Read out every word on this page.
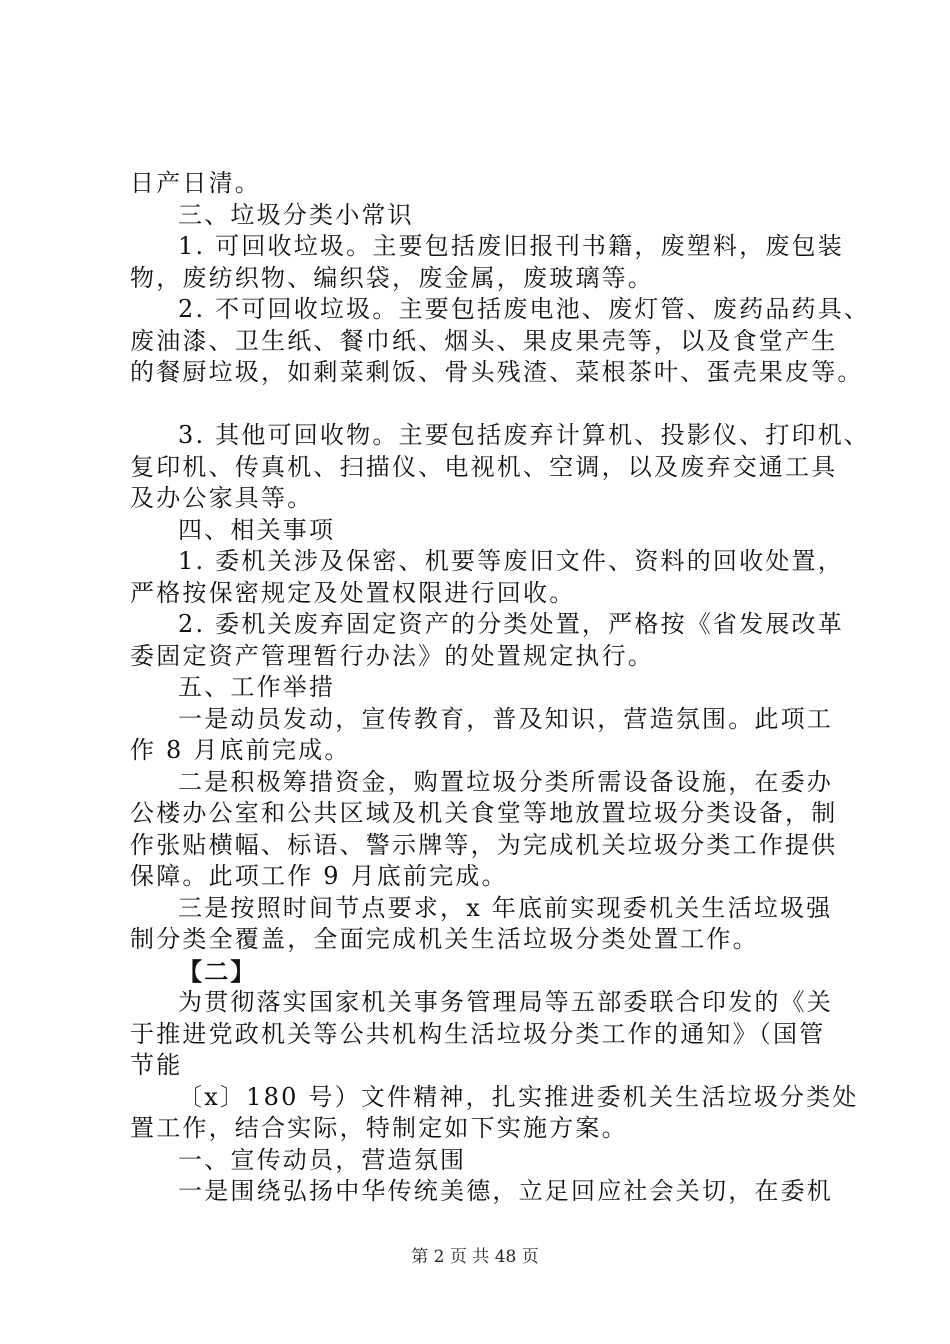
日产日清。
三、垃圾分类小常识
1. 可回收垃圾。主要包括废旧报刊书籍，废塑料，废包装
物，废纺织物、编织袋，废金属，废玻璃等。
2. 不可回收垃圾。主要包括废电池、废灯管、废药品药具、
废油漆、卫生纸、餐巾纸、烟头、果皮果壳等，以及食堂产生
的餐厨垃圾，如剩菜剩饭、骨头残渣、菜根茶叶、蛋壳果皮等。
3. 其他可回收物。主要包括废弃计算机、投影仪、打印机、
复印机、传真机、扫描仪、电视机、空调，以及废弃交通工具
及办公家具等。
四、相关事项
1. 委机关涉及保密、机要等废旧文件、资料的回收处置，
严格按保密规定及处置权限进行回收。
2. 委机关废弃固定资产的分类处置，严格按《省发展改革
委固定资产管理暂行办法》的处置规定执行。
五、工作举措
一是动员发动，宣传教育，普及知识，营造氛围。此项工
作 8 月底前完成。
二是积极筹措资金，购置垃圾分类所需设备设施，在委办
公楼办公室和公共区域及机关食堂等地放置垃圾分类设备，制
作张贴横幅、标语、警示牌等，为完成机关垃圾分类工作提供
保障。此项工作 9 月底前完成。
三是按照时间节点要求，x 年底前实现委机关生活垃圾强
制分类全覆盖，全面完成机关生活垃圾分类处置工作。
【二】
为贯彻落实国家机关事务管理局等五部委联合印发的《关
于推进党政机关等公共机构生活垃圾分类工作的通知》（国管
节能
〔x〕180 号）文件精神，扎实推进委机关生活垃圾分类处
置工作，结合实际，特制定如下实施方案。
一、宣传动员，营造氛围
一是围绕弘扬中华传统美德，立足回应社会关切，在委机
第 2 页 共 48 页
